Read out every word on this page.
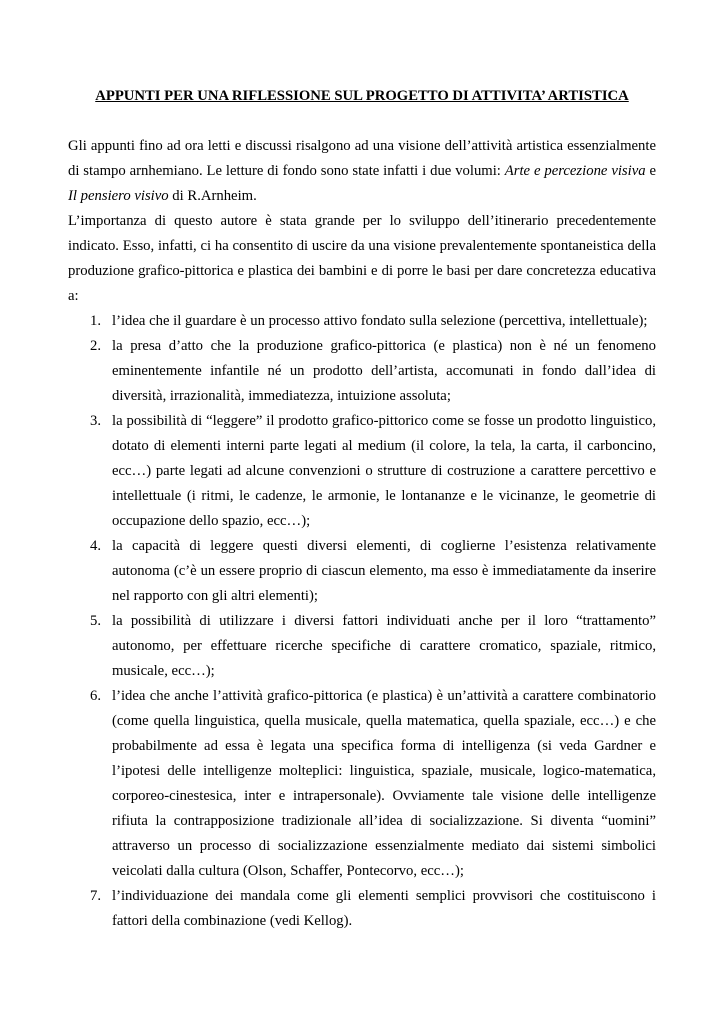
APPUNTI PER UNA RIFLESSIONE SUL PROGETTO DI ATTIVITA’ ARTISTICA

Gli appunti fino ad ora letti e discussi risalgono ad una visione dell’attività artistica essenzialmente di stampo arnhemiano. Le letture di fondo sono state infatti i due volumi: Arte e percezione visiva e Il pensiero visivo di R.Arnheim.

L’importanza di questo autore è stata grande per lo sviluppo dell’itinerario precedentemente indicato. Esso, infatti, ci ha consentito di uscire da una visione prevalentemente spontaneistica della produzione grafico-pittorica e plastica dei bambini e di porre le basi per dare concretezza educativa a:

1. l’idea che il guardare è un processo attivo fondato sulla selezione (percettiva, intellettuale);
2. la presa d’atto che la produzione grafico-pittorica (e plastica) non è né un fenomeno eminentemente infantile né un prodotto dell’artista, accomunati in fondo dall’idea di diversità, irrazionalità, immediatezza, intuizione assoluta;
3. la possibilità di “leggere” il prodotto grafico-pittorico come se fosse un prodotto linguistico, dotato di elementi interni parte legati al medium (il colore, la tela, la carta, il carboncino, ecc…) parte legati ad alcune convenzioni o strutture di costruzione a carattere percettivo e intellettuale (i ritmi, le cadenze, le armonie, le lontananze e le vicinanze, le geometrie di occupazione dello spazio, ecc…);
4. la capacità di leggere questi diversi elementi, di coglierne l’esistenza relativamente autonoma (c’è un essere proprio di ciascun elemento, ma esso è immediatamente da inserire nel rapporto con gli altri elementi);
5. la possibilità di utilizzare i diversi fattori individuati anche per il loro “trattamento” autonomo, per effettuare ricerche specifiche di carattere cromatico, spaziale, ritmico, musicale, ecc…);
6. l’idea che anche l’attività grafico-pittorica (e plastica) è un’attività a carattere combinatorio (come quella linguistica, quella musicale, quella matematica, quella spaziale, ecc…) e che probabilmente ad essa è legata una specifica forma di intelligenza (si veda Gardner e l’ipotesi delle intelligenze molteplici: linguistica, spaziale, musicale, logico-matematica, corporeo-cinestesica, inter e intrapersonale). Ovviamente tale visione delle intelligenze rifiuta la contrapposizione tradizionale all’idea di socializzazione. Si diventa “uomini” attraverso un processo di socializzazione essenzialmente mediato dai sistemi simbolici veicolati dalla cultura (Olson, Schaffer, Pontecorvo, ecc…);
7. l’individuazione dei mandala come gli elementi semplici provvisori che costituiscono i fattori della combinazione (vedi Kellog).
